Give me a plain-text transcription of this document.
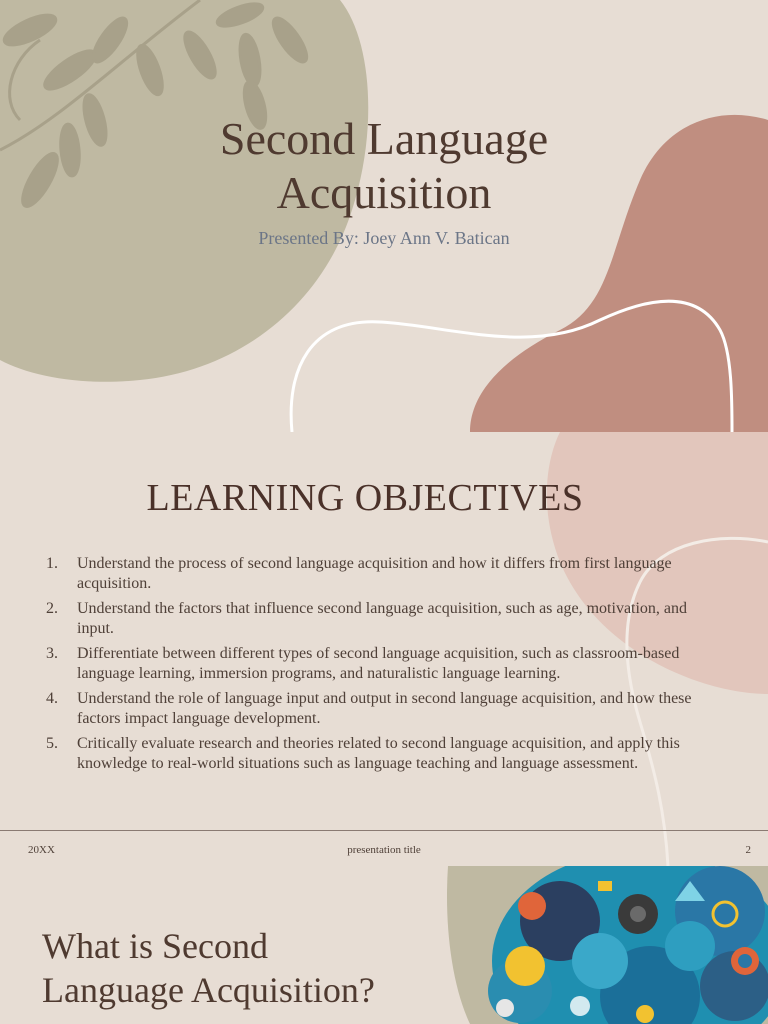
Second Language
Acquisition
Presented By: Joey Ann V. Batican
LEARNING OBJECTIVES
1.	Understand the process of second language acquisition and how it differs from first language acquisition.
2.	Understand the factors that influence second language acquisition, such as age, motivation, and input.
3.	Differentiate between different types of second language acquisition, such as classroom-based language learning, immersion programs, and naturalistic language learning.
4.	Understand the role of language input and output in second language acquisition, and how these factors impact language development.
5.	Critically evaluate research and theories related to second language acquisition, and apply this knowledge to real-world situations such as language teaching and language assessment.
20XX	presentation title	2
What is Second
Language Acquisition?
